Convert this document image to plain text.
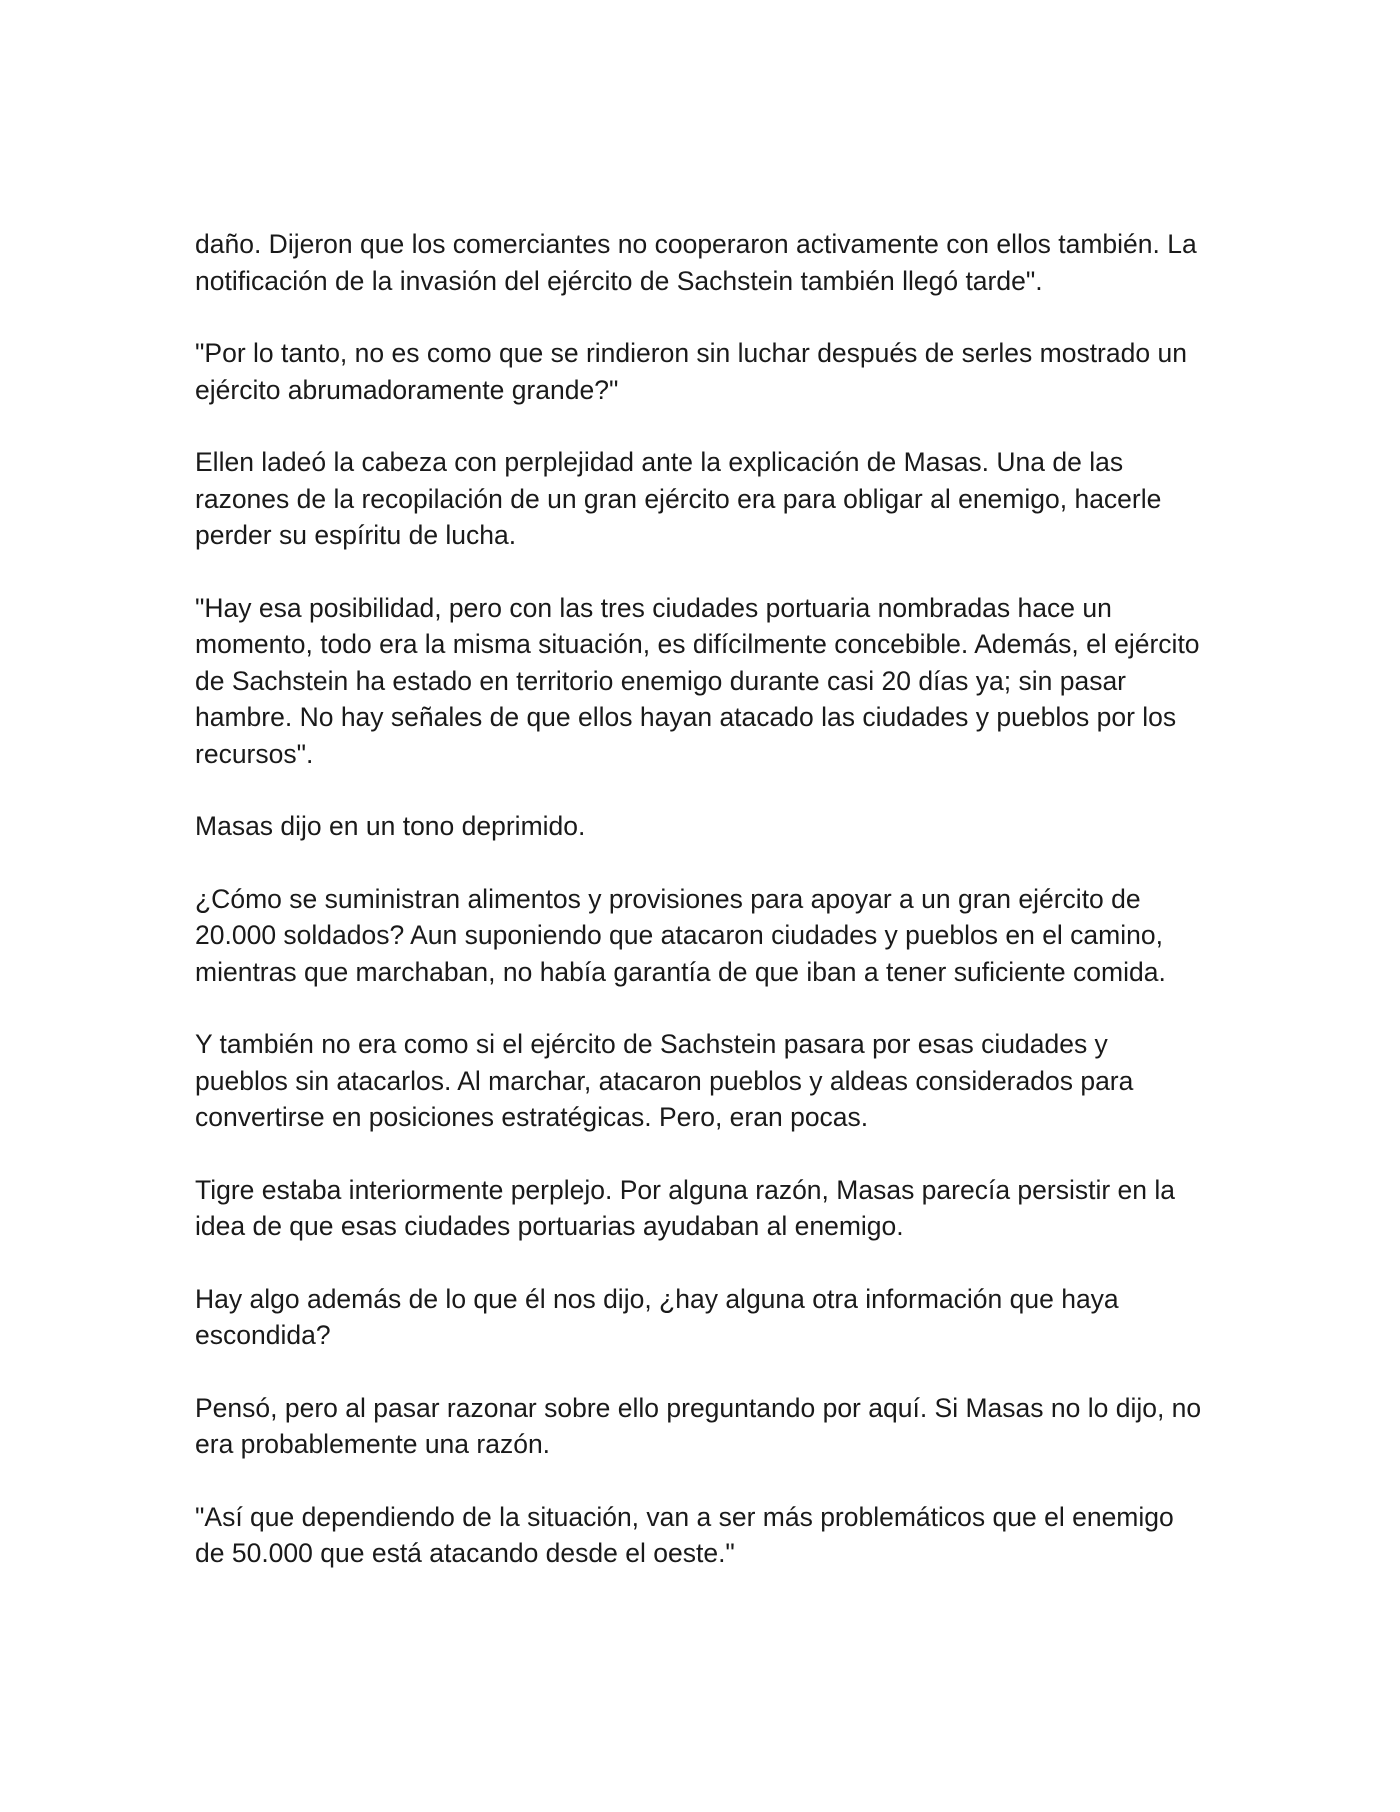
daño. Dijeron que los comerciantes no cooperaron activamente con ellos también. La notificación de la invasión del ejército de Sachstein también llegó tarde".

"Por lo tanto, no es como que se rindieron sin luchar después de serles mostrado un ejército abrumadoramente grande?"

Ellen ladeó la cabeza con perplejidad ante la explicación de Masas. Una de las razones de la recopilación de un gran ejército era para obligar al enemigo, hacerle perder su espíritu de lucha.

"Hay esa posibilidad, pero con las tres ciudades portuaria nombradas hace un momento, todo era la misma situación, es difícilmente concebible. Además, el ejército de Sachstein ha estado en territorio enemigo durante casi 20 días ya; sin pasar hambre. No hay señales de que ellos hayan atacado las ciudades y pueblos por los recursos".

Masas dijo en un tono deprimido.

¿Cómo se suministran alimentos y provisiones para apoyar a un gran ejército de 20.000 soldados? Aun suponiendo que atacaron ciudades y pueblos en el camino, mientras que marchaban, no había garantía de que iban a tener suficiente comida.

Y también no era como si el ejército de Sachstein pasara por esas ciudades y pueblos sin atacarlos. Al marchar, atacaron pueblos y aldeas considerados para convertirse en posiciones estratégicas. Pero, eran pocas.

Tigre estaba interiormente perplejo. Por alguna razón, Masas parecía persistir en la idea de que esas ciudades portuarias ayudaban al enemigo.

Hay algo además de lo que él nos dijo, ¿hay alguna otra información que haya escondida?

Pensó, pero al pasar razonar sobre ello preguntando por aquí. Si Masas no lo dijo, no era probablemente una razón.

"Así que dependiendo de la situación, van a ser más problemáticos que el enemigo de 50.000 que está atacando desde el oeste."
